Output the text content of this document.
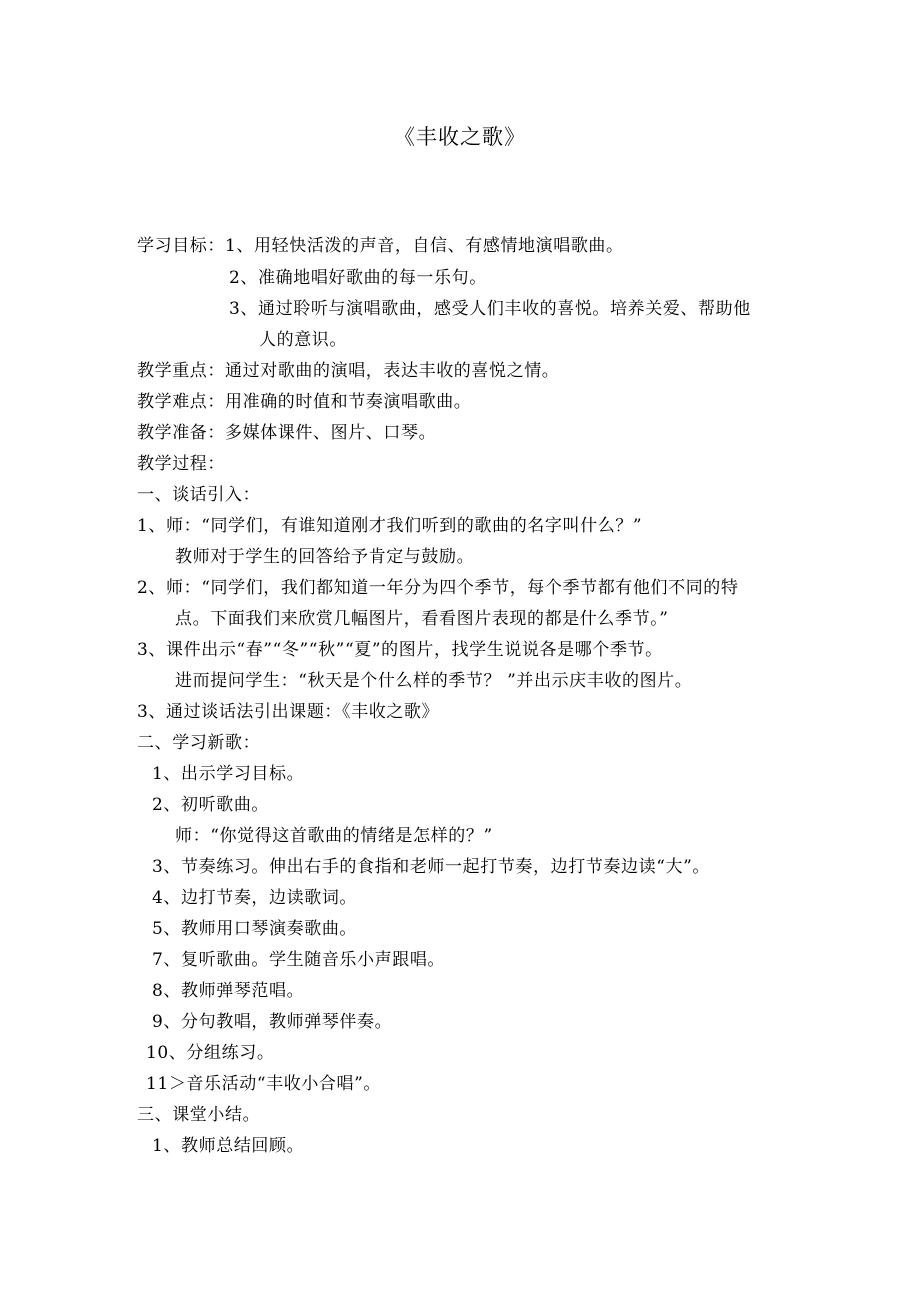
《丰收之歌》
学习目标：1、用轻快活泼的声音，自信、有感情地演唱歌曲。
2、准确地唱好歌曲的每一乐句。
3、通过聆听与演唱歌曲，感受人们丰收的喜悦。培养关爱、帮助他
人的意识。
教学重点：通过对歌曲的演唱，表达丰收的喜悦之情。
教学难点：用准确的时值和节奏演唱歌曲。
教学准备：多媒体课件、图片、口琴。
教学过程：
一、谈话引入：
1、师：“同学们，有谁知道刚才我们听到的歌曲的名字叫什么？”
教师对于学生的回答给予肯定与鼓励。
2、师：“同学们，我们都知道一年分为四个季节，每个季节都有他们不同的特
点。下面我们来欣赏几幅图片，看看图片表现的都是什么季节。”
3、课件出示“春”“冬”“秋”“夏”的图片，找学生说说各是哪个季节。
进而提问学生：“秋天是个什么样的季节？ ”并出示庆丰收的图片。
3、通过谈话法引出课题：《丰收之歌》
二、学习新歌：
1、出示学习目标。
2、初听歌曲。
师：“你觉得这首歌曲的情绪是怎样的？”
3、节奏练习。伸出右手的食指和老师一起打节奏，边打节奏边读“大”。
4、边打节奏，边读歌词。
5、教师用口琴演奏歌曲。
7、复听歌曲。学生随音乐小声跟唱。
8、教师弹琴范唱。
9、分句教唱，教师弹琴伴奏。
10、分组练习。
11＞音乐活动“丰收小合唱”。
三、课堂小结。
1、教师总结回顾。
